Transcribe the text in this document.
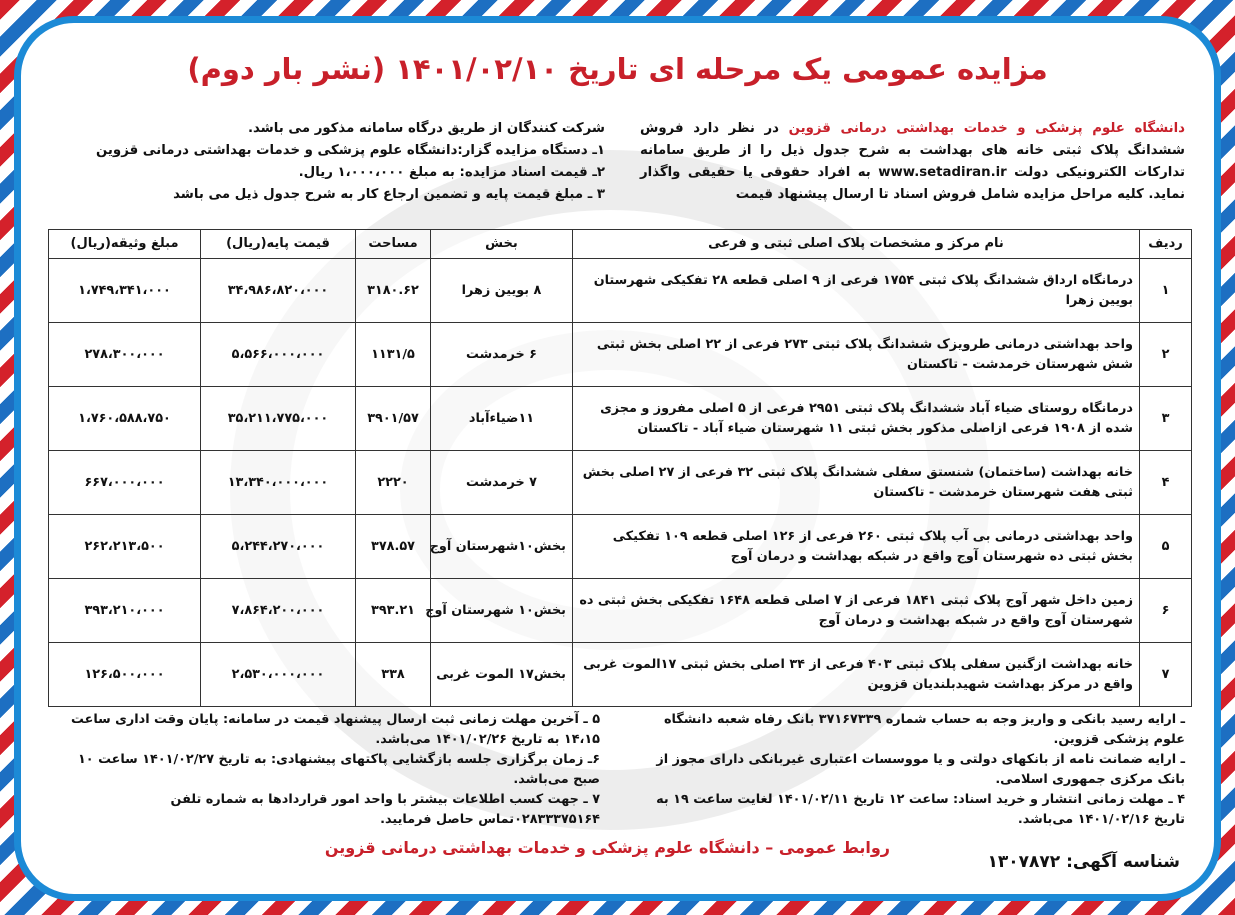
مزایده عمومی یک مرحله ای تاریخ ۱۴۰۱/۰۲/۱۰ (نشر بار دوم)
دانشگاه علوم پزشکی و خدمات بهداشتی درمانی قزوین در نظر دارد فروش ششدانگ پلاک ثبتی خانه های بهداشت به شرح جدول ذیل را از طریق سامانه تدارکات الکترونیکی دولت www.setadiran.ir به افراد حقوقی یا حقیقی واگذار نماید. کلیه مراحل مزایده شامل فروش اسناد تا ارسال پیشنهاد قیمت
شرکت کنندگان از طریق درگاه سامانه مذکور می باشد.
۱ـ دستگاه مزایده گزار:دانشگاه علوم پزشکی و خدمات بهداشتی درمانی قزوین
۲ـ قیمت اسناد مزایده: به مبلغ ۱،۰۰۰،۰۰۰ ریال.
۳ ـ مبلغ قیمت پایه و تضمین ارجاع کار به شرح جدول ذیل می باشد
ردیف	نام مرکز و مشخصات پلاک اصلی ثبتی و فرعی	بخش	مساحت	قیمت پایه(ریال)	مبلغ وثیقه(ریال)
۱	درمانگاه ارداق ششدانگ پلاک ثبتی ۱۷۵۴ فرعی از ۹ اصلی قطعه ۲۸ تفکیکی شهرستان بویین زهرا	۸ بویین زهرا	۳۱۸۰.۶۲	۳۴،۹۸۶،۸۲۰،۰۰۰	۱،۷۴۹،۳۴۱،۰۰۰
۲	واحد بهداشتی درمانی طرویزک ششدانگ پلاک ثبتی ۲۷۳ فرعی از ۲۲ اصلی بخش ثبتی شش شهرستان خرمدشت - تاکستان	۶ خرمدشت	۱۱۳۱/۵	۵،۵۶۶،۰۰۰،۰۰۰	۲۷۸،۳۰۰،۰۰۰
۳	درمانگاه روستای ضیاء آباد ششدانگ پلاک ثبتی ۲۹۵۱ فرعی از ۵ اصلی مفروز و مجزی شده از ۱۹۰۸ فرعی ازاصلی مذکور بخش ثبتی ۱۱ شهرستان ضیاء آباد - تاکستان	۱۱ضیاءآباد	۳۹۰۱/۵۷	۳۵،۲۱۱،۷۷۵،۰۰۰	۱،۷۶۰،۵۸۸،۷۵۰
۴	خانه بهداشت (ساختمان) شنستق سفلی ششدانگ پلاک ثبتی ۳۲ فرعی از ۲۷ اصلی بخش ثبتی هفت شهرستان خرمدشت - تاکستان	۷ خرمدشت	۲۲۲۰	۱۳،۳۴۰،۰۰۰،۰۰۰	۶۶۷،۰۰۰،۰۰۰
۵	واحد بهداشتی درمانی بی آب پلاک ثبتی ۲۶۰ فرعی از ۱۲۶ اصلی قطعه ۱۰۹ تفکیکی بخش ثبتی ده شهرستان آوج واقع در شبکه بهداشت و درمان آوج	بخش۱۰شهرستان آوج	۳۷۸.۵۷	۵،۲۴۴،۲۷۰،۰۰۰	۲۶۲،۲۱۳،۵۰۰
۶	زمین داخل شهر آوج پلاک ثبتی ۱۸۴۱ فرعی از ۷ اصلی قطعه ۱۶۴۸ تفکیکی بخش ثبتی ده شهرستان آوج واقع در شبکه بهداشت و درمان آوج	بخش۱۰ شهرستان آوج	۳۹۳.۲۱	۷،۸۶۴،۲۰۰،۰۰۰	۳۹۳،۲۱۰،۰۰۰
۷	خانه بهداشت ازگنین سفلی پلاک ثبتی ۴۰۳ فرعی از ۳۴ اصلی بخش ثبتی ۱۷الموت غربی واقع در مرکز بهداشت شهیدبلندیان قزوین	بخش۱۷ الموت غربی	۳۳۸	۲،۵۳۰،۰۰۰،۰۰۰	۱۲۶،۵۰۰،۰۰۰

ـ ارایه رسید بانکی و واریز وجه به حساب شماره ۳۷۱۶۷۳۳۹ بانک رفاه شعبه دانشگاه علوم پزشکی قزوین.

ـ ارایه ضمانت نامه از بانکهای دولتی و یا مووسسات اعتباری غیربانکی دارای مجوز از بانک مرکزی جمهوری اسلامی.

۴ ـ مهلت زمانی انتشار و خرید اسناد: ساعت ۱۲ تاریخ ۱۴۰۱/۰۲/۱۱ لغایت ساعت ۱۹ به تاریخ ۱۴۰۱/۰۲/۱۶ می‌باشد.

۵ ـ آخرین مهلت زمانی ثبت ارسال پیشنهاد قیمت در سامانه: پایان وقت اداری ساعت ۱۴،۱۵ به تاریخ ۱۴۰۱/۰۲/۲۶ می‌باشد.

۶ـ زمان برگزاری جلسه بازگشایی پاکتهای پیشنهادی: به تاریخ ۱۴۰۱/۰۲/۲۷ ساعت ۱۰ صبح می‌باشد.

۷ ـ جهت کسب اطلاعات بیشتر با واحد امور قراردادها به شماره تلفن ۰۲۸۳۳۳۷۵۱۶۴تماس حاصل فرمایید.

روابط عمومی – دانشگاه علوم پزشکی و خدمات بهداشتی درمانی قزوین
شناسه آگهی: ۱۳۰۷۸۷۲
